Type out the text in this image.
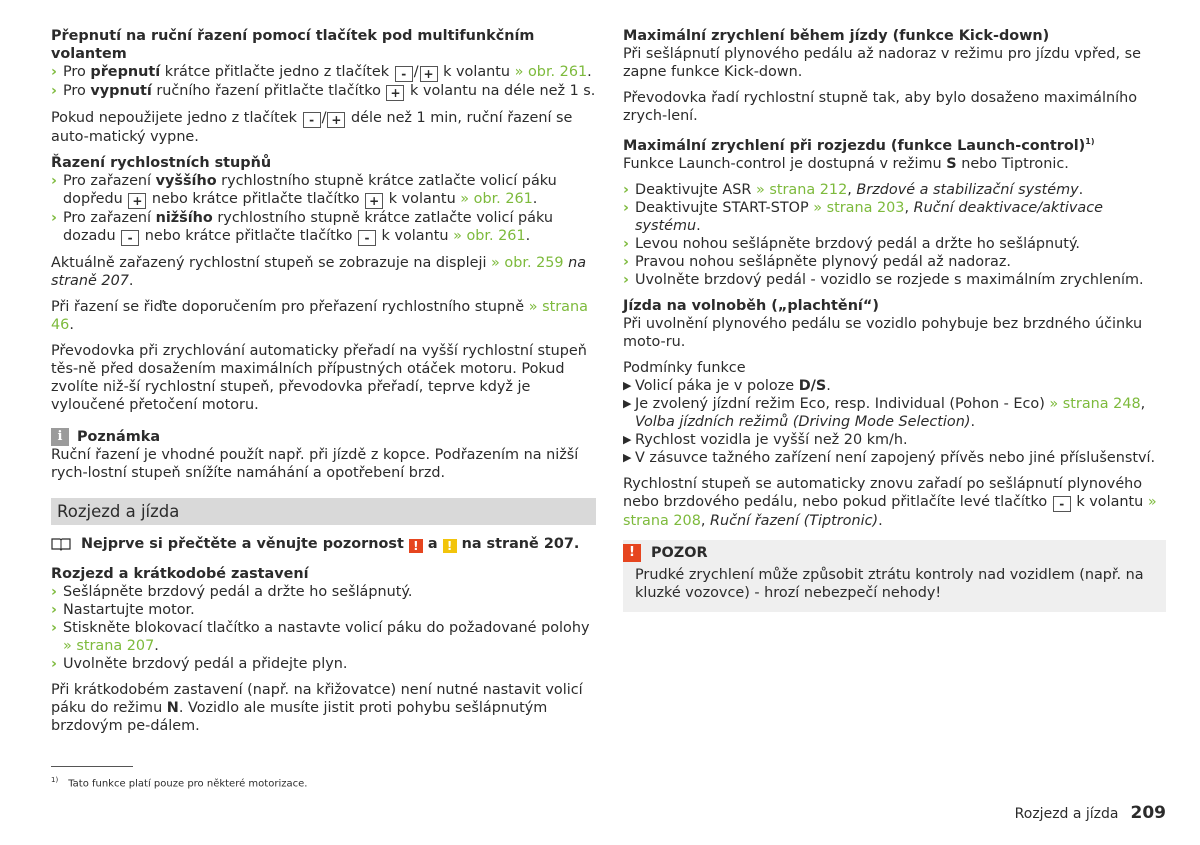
Přepnutí na ruční řazení pomocí tlačítek pod multifunkčním volantem

› Pro přepnutí krátce přitlačte jedno z tlačítek - / + k volantu » obr. 261.

› Pro vypnutí ručního řazení přitlačte tlačítko + k volantu na déle než 1 s.

Pokud nepoužijete jedno z tlačítek - / + déle než 1 min, ruční řazení se auto-matický vypne.

Řazení rychlostních stupňů

› Pro zařazení vyššího rychlostního stupně krátce zatlačte volicí páku dopředu + nebo krátce přitlačte tlačítko + k volantu » obr. 261.

› Pro zařazení nižšího rychlostního stupně krátce zatlačte volicí páku dozadu - nebo krátce přitlačte tlačítko - k volantu » obr. 261.

Aktuálně zařazený rychlostní stupeň se zobrazuje na displeji » obr. 259 na straně 207.

Při řazení se řiďte doporučením pro přeřazení rychlostního stupně » strana 46.

Převodovka při zrychlování automaticky přeřadí na vyšší rychlostní stupeň těs-ně před dosažením maximálních přípustných otáček motoru. Pokud zvolíte niž-ší rychlostní stupeň, převodovka přeřadí, teprve když je vyloučené přetočení motoru.

i	Poznámka

Ruční řazení je vhodné použít např. při jízdě z kopce. Podřazením na nižší rych-lostní stupeň snížíte namáhání a opotřebení brzd.

Rozjezd a jízda
Nejprve si přečtěte a věnujte pozornost ! a ! na straně 207.

Rozjezd a krátkodobé zastavení

› Sešlápněte brzdový pedál a držte ho sešlápnutý.

› Nastartujte motor.

› Stiskněte blokovací tlačítko a nastavte volicí páku do požadované polohy » strana 207.

› Uvolněte brzdový pedál a přidejte plyn.

Při krátkodobém zastavení (např. na křižovatce) není nutné nastavit volicí páku do režimu N. Vozidlo ale musíte jistit proti pohybu sešlápnutým brzdovým pe-dálem.

Maximální zrychlení během jízdy (funkce Kick-down)

Při sešlápnutí plynového pedálu až nadoraz v režimu pro jízdu vpřed, se zapne funkce Kick-down.

Převodovka řadí rychlostní stupně tak, aby bylo dosaženo maximálního zrych-lení.

Maximální zrychlení při rozjezdu (funkce Launch-control)$^{1)}$

Funkce Launch-control je dostupná v režimu S nebo Tiptronic.

› Deaktivujte ASR » strana 212, Brzdové a stabilizační systémy.

› Deaktivujte START-STOP » strana 203, Ruční deaktivace/aktivace systému.

› Levou nohou sešlápněte brzdový pedál a držte ho sešlápnutý.

› Pravou nohou sešlápněte plynový pedál až nadoraz.

› Uvolněte brzdový pedál - vozidlo se rozjede s maximálním zrychlením.

Jízda na volnoběh („plachtění“)

Při uvolnění plynového pedálu se vozidlo pohybuje bez brzdného účinku moto-ru.

Podmínky funkce

▶ Volicí páka je v poloze D/S.

▶ Je zvolený jízdní režim Eco, resp. Individual (Pohon - Eco) » strana 248, Volba jízdních režimů (Driving Mode Selection).

▶ Rychlost vozidla je vyšší než 20 km/h.

▶ V zásuvce tažného zařízení není zapojený přívěs nebo jiné příslušenství.

Rychlostní stupeň se automaticky znovu zařadí po sešlápnutí plynového nebo brzdového pedálu, nebo pokud přitlačíte levé tlačítko - k volantu » strana 208, Ruční řazení (Tiptronic).

!	POZOR

Prudké zrychlení může způsobit ztrátu kontroly nad vozidlem (např. na kluzké vozovce) - hrozí nebezpečí nehody!

$^{1)}$ Tato funkce platí pouze pro některé motorizace.
Rozjezd a jízda 209
